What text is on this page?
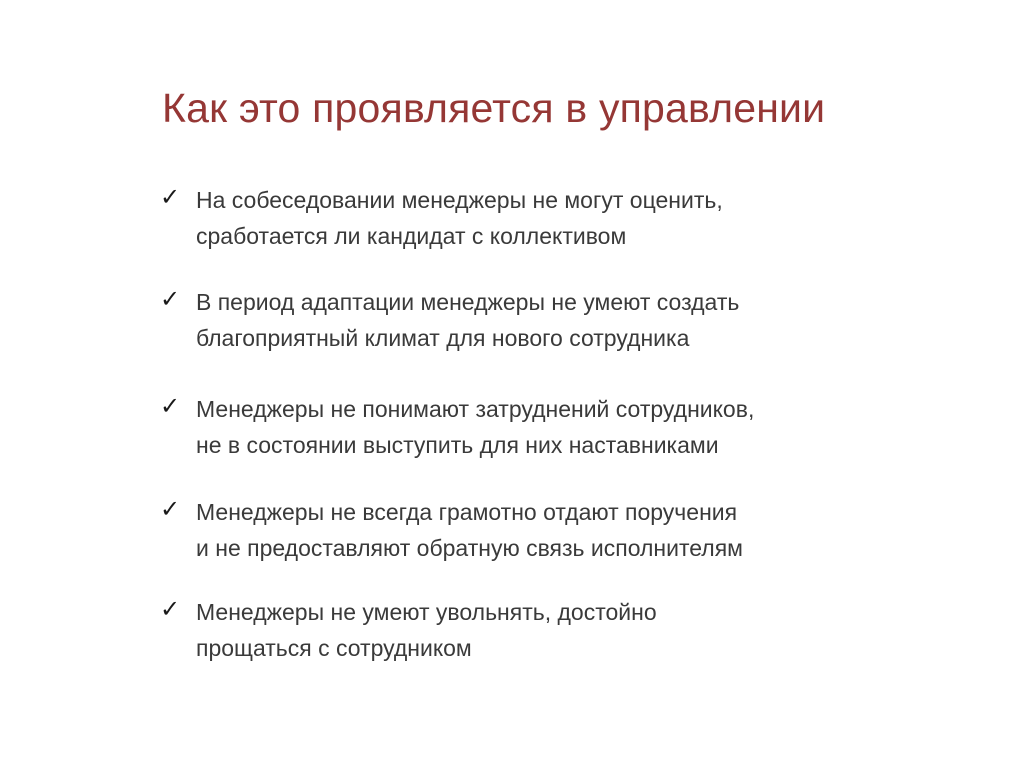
Как это проявляется в управлении
✓ На собеседовании менеджеры не могут оценить,
сработается ли кандидат с коллективом
✓ В период адаптации менеджеры не умеют создать
благоприятный климат для нового сотрудника
✓ Менеджеры не понимают затруднений сотрудников,
не в состоянии выступить для них наставниками
✓ Менеджеры не всегда грамотно отдают поручения
и не предоставляют обратную связь исполнителям
✓ Менеджеры не умеют увольнять, достойно
прощаться с сотрудником
